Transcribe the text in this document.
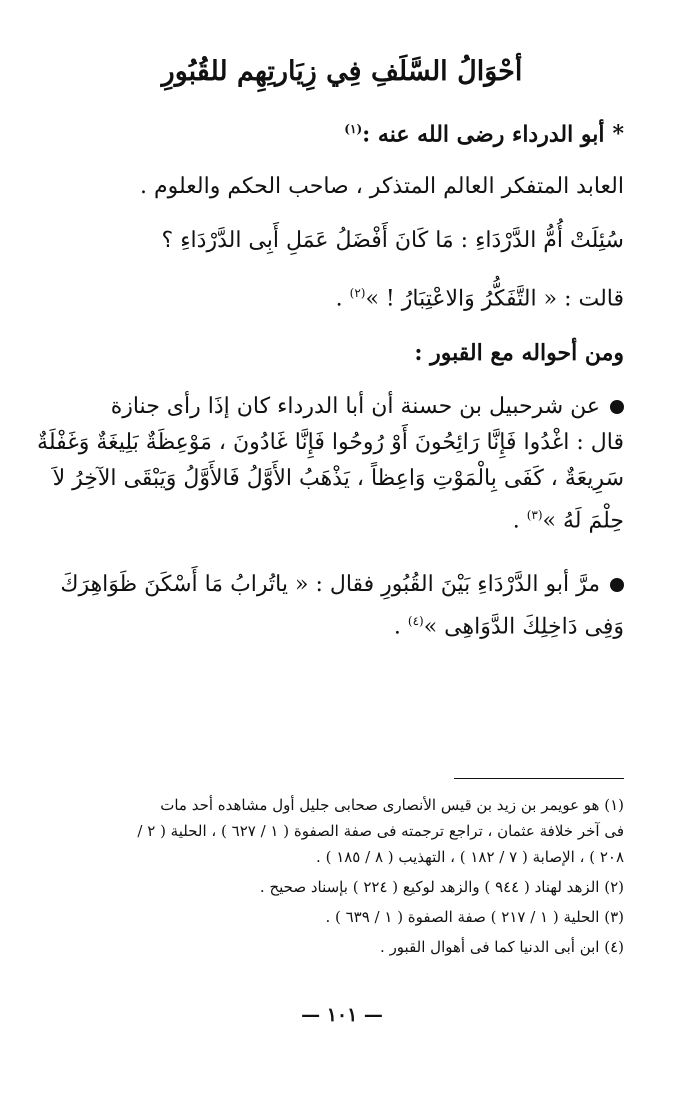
أحْوَالُ السَّلَفِ فِي زِيَارتِهِم للقُبُورِ
*أبو الدرداء رضى الله عنه :$^{(١)}$
العابد المتفكر العالم المتذكر ، صاحب الحكم والعلوم .
سُئِلَتْ أُمُّ الدَّرْدَاءِ : مَا كَانَ أَفْضَلُ عَمَلِ أَبِى الدَّرْدَاءِ ؟
قالت : « التَّفَكُّرُ وَالاعْتِبَارُ ! »$^{(٢)}$ .
ومن أحواله مع القبور :
عن شرحبيل بن حسنة أن أبا الدرداء كان إذَا رأى جنازة
قال : اغْدُوا فَإِنَّا رَائِحُونَ أَوْ رُوحُوا فَإِنَّا غَادُونَ ، مَوْعِظَةٌ بَلِيغَةٌ وَغَفْلَةٌ
سَرِيعَةٌ ، كَفَى بِالْمَوْتِ وَاعِظاً ، يَذْهَبُ الأَوَّلُ فَالأَوَّلُ وَيَبْقَى الآخِرُ لاَ
حِلْمَ لَهُ »$^{(٣)}$ .
مرَّ أبو الدَّرْدَاءِ بَيْنَ القُبُورِ فقال : « ياتُرابُ مَا أَسْكَنَ ظَوَاهِرَكَ
وَفِى دَاخِلِكَ الدَّوَاهِى »$^{(٤)}$ .
(١) هو عويمر بن زيد بن قيس الأنصارى صحابى جليل أول مشاهده أحد مات
فى آخر خلافة عثمان ، تراجع ترجمته فى صفة الصفوة ( ١ / ٦٢٧ ) ، الحلية ( ٢ /
٢٠٨ ) ، الإصابة ( ٧ / ١٨٢ ) ، التهذيب ( ٨ / ١٨٥ ) .
(٢) الزهد لهناد ( ٩٤٤ ) والزهد لوكيع ( ٢٢٤ ) بإسناد صحيح .
(٣) الحلية ( ١ / ٢١٧ ) صفة الصفوة ( ١ / ٦٣٩ ) .
(٤) ابن أبى الدنيا كما فى أهوال القبور .
— ١٠١ —
